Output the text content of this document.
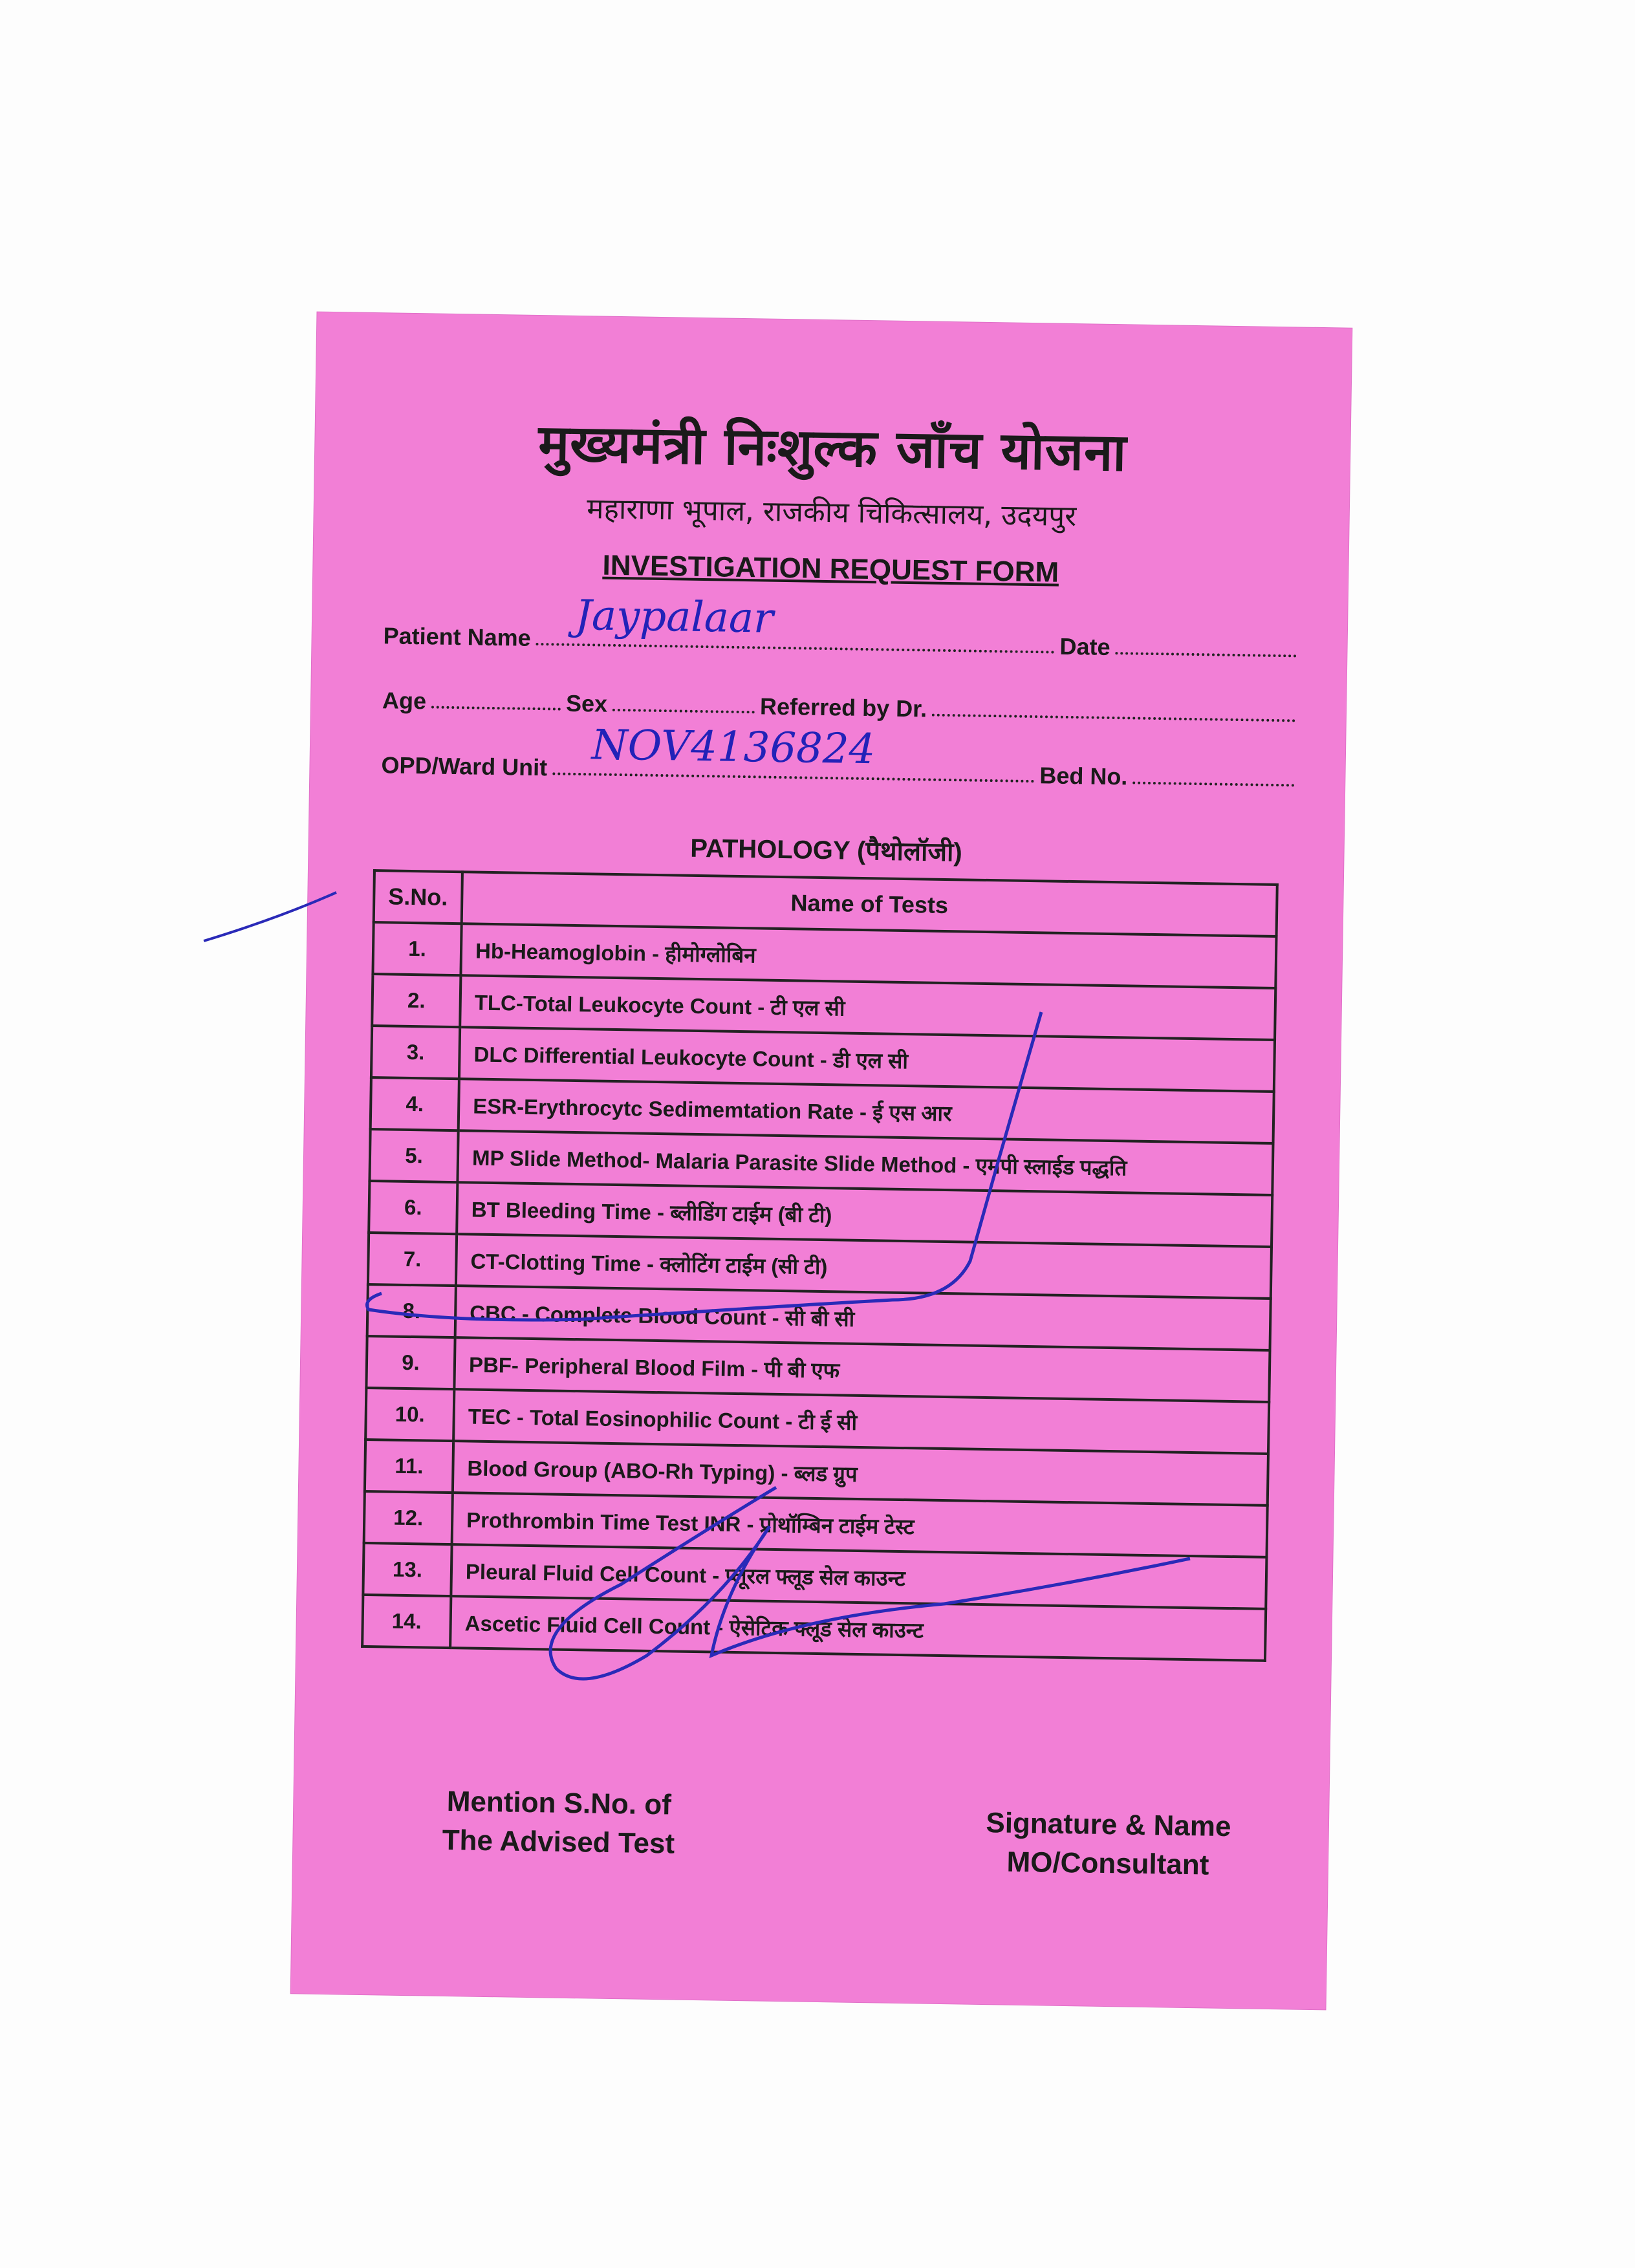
मुख्यमंत्री निःशुल्क जाँच योजना
महाराणा भूपाल, राजकीय चिकित्सालय, उदयपुर
INVESTIGATION REQUEST FORM
Patient Name Jaypalaar
Date
Age	Sex	Referred by Dr.
OPD/Ward Unit NOV4136824
Bed No.
PATHOLOGY (पैथोलॉजी)
S.No.	Name of Tests
1.	Hb-Heamoglobin - हीमोग्लोबिन
2.	TLC-Total Leukocyte Count - टी एल सी
3.	DLC Differential Leukocyte Count - डी एल सी
4.	ESR-Erythrocytc Sedimemtation Rate - ई एस आर
5.	MP Slide Method- Malaria Parasite Slide Method - एमपी स्लाईड पद्धति
6.	BT Bleeding Time - ब्लीडिंग टाईम (बी टी)
7.	CT-Clotting Time - क्लोटिंग टाईम (सी टी)
8.	CBC - Complete Blood Count - सी बी सी
9.	PBF- Peripheral Blood Film - पी बी एफ
10.	TEC - Total Eosinophilic Count - टी ई सी
11.	Blood Group (ABO-Rh Typing) - ब्लड ग्रुप
12.	Prothrombin Time Test INR - प्रोथॉम्बिन टाईम टेस्ट
13.	Pleural Fluid Cell Count - प्लूरल फ्लूड सेल काउन्ट
14.	Ascetic Fluid Cell Count - ऐसेटिक फ्लूड सेल काउन्ट
Mention S.No. of
The Advised Test	Signature & Name
MO/Consultant
